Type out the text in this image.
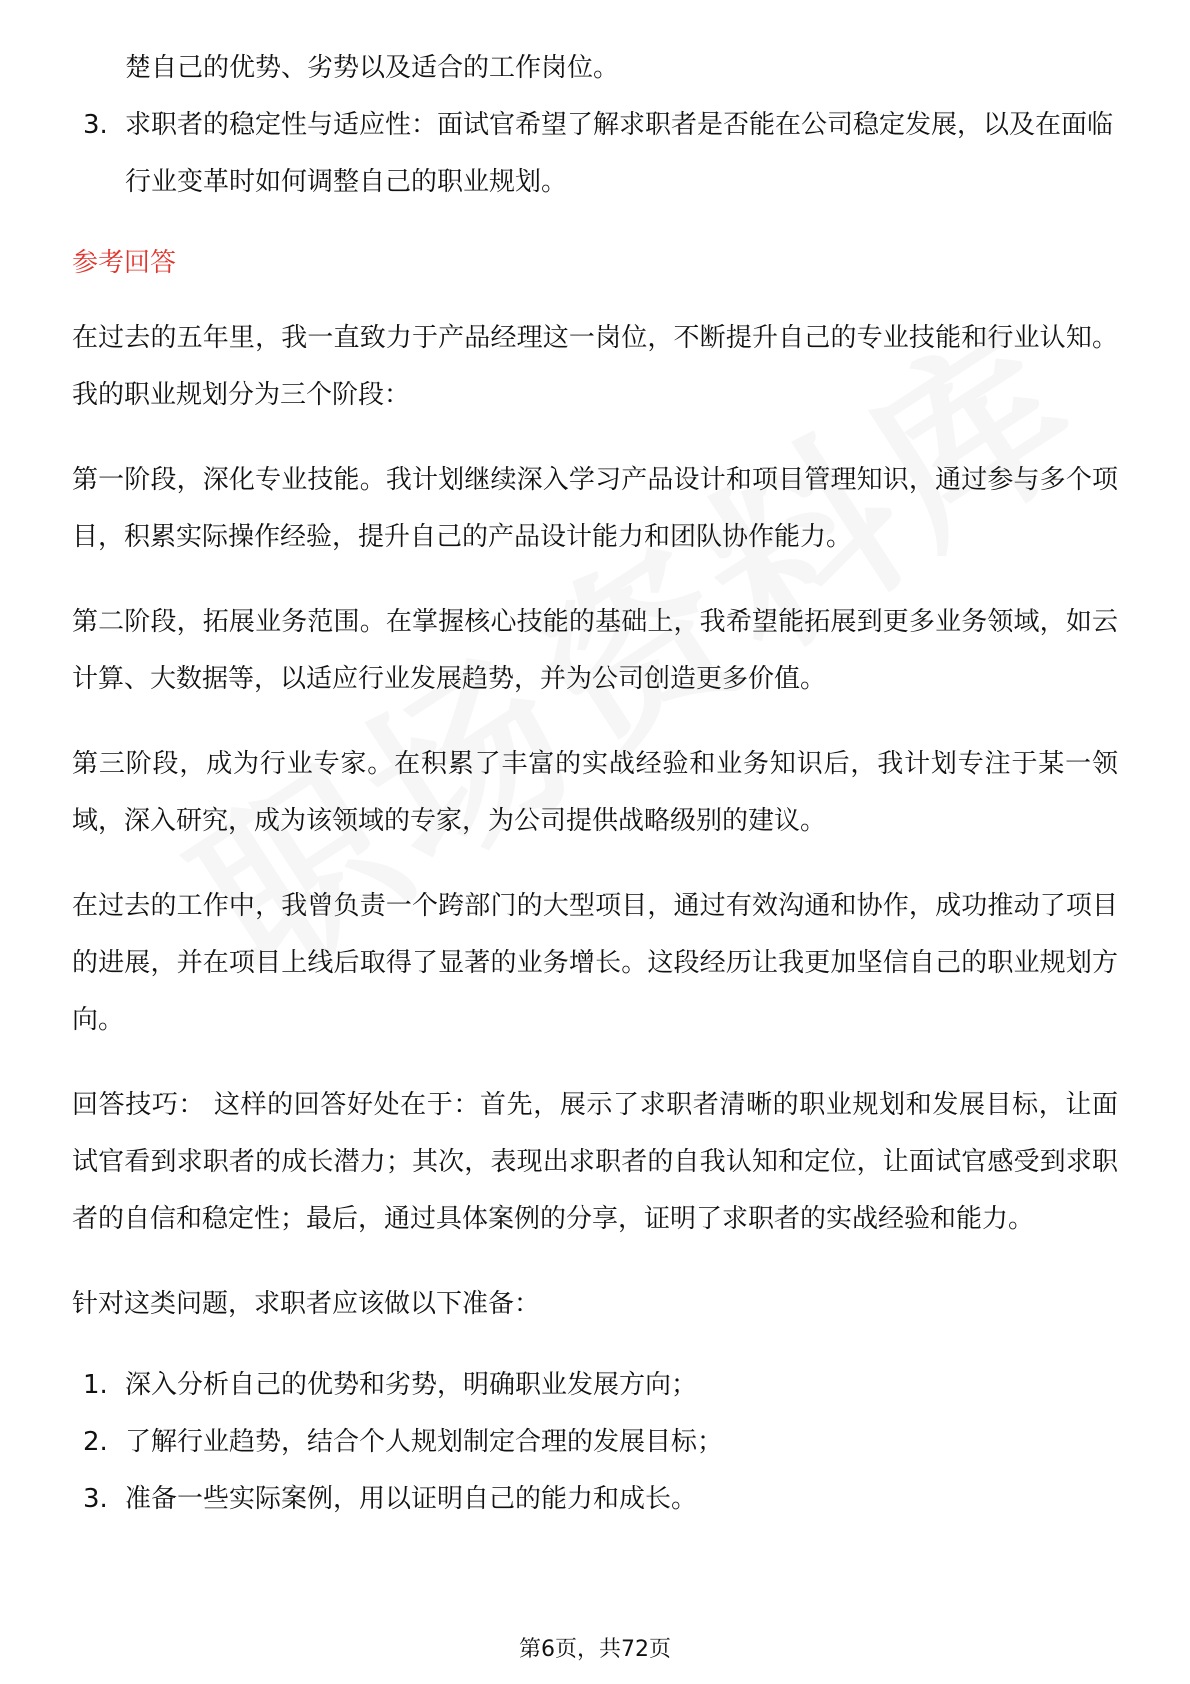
楚自己的优势、劣势以及适合的工作岗位。
3. 求职者的稳定性与适应性：面试官希望了解求职者是否能在公司稳定发展，以及在面临行业变革时如何调整自己的职业规划。
参考回答
在过去的五年里，我一直致力于产品经理这一岗位，不断提升自己的专业技能和行业认知。我的职业规划分为三个阶段：
第一阶段，深化专业技能。我计划继续深入学习产品设计和项目管理知识，通过参与多个项目，积累实际操作经验，提升自己的产品设计能力和团队协作能力。
第二阶段，拓展业务范围。在掌握核心技能的基础上，我希望能拓展到更多业务领域，如云计算、大数据等，以适应行业发展趋势，并为公司创造更多价值。
第三阶段，成为行业专家。在积累了丰富的实战经验和业务知识后，我计划专注于某一领域，深入研究，成为该领域的专家，为公司提供战略级别的建议。
在过去的工作中，我曾负责一个跨部门的大型项目，通过有效沟通和协作，成功推动了项目的进展，并在项目上线后取得了显著的业务增长。这段经历让我更加坚信自己的职业规划方向。
回答技巧： 这样的回答好处在于：首先，展示了求职者清晰的职业规划和发展目标，让面试官看到求职者的成长潜力；其次，表现出求职者的自我认知和定位，让面试官感受到求职者的自信和稳定性；最后，通过具体案例的分享，证明了求职者的实战经验和能力。
针对这类问题，求职者应该做以下准备：
1. 深入分析自己的优势和劣势，明确职业发展方向；
2. 了解行业趋势，结合个人规划制定合理的发展目标；
3. 准备一些实际案例，用以证明自己的能力和成长。
第6页，共72页
